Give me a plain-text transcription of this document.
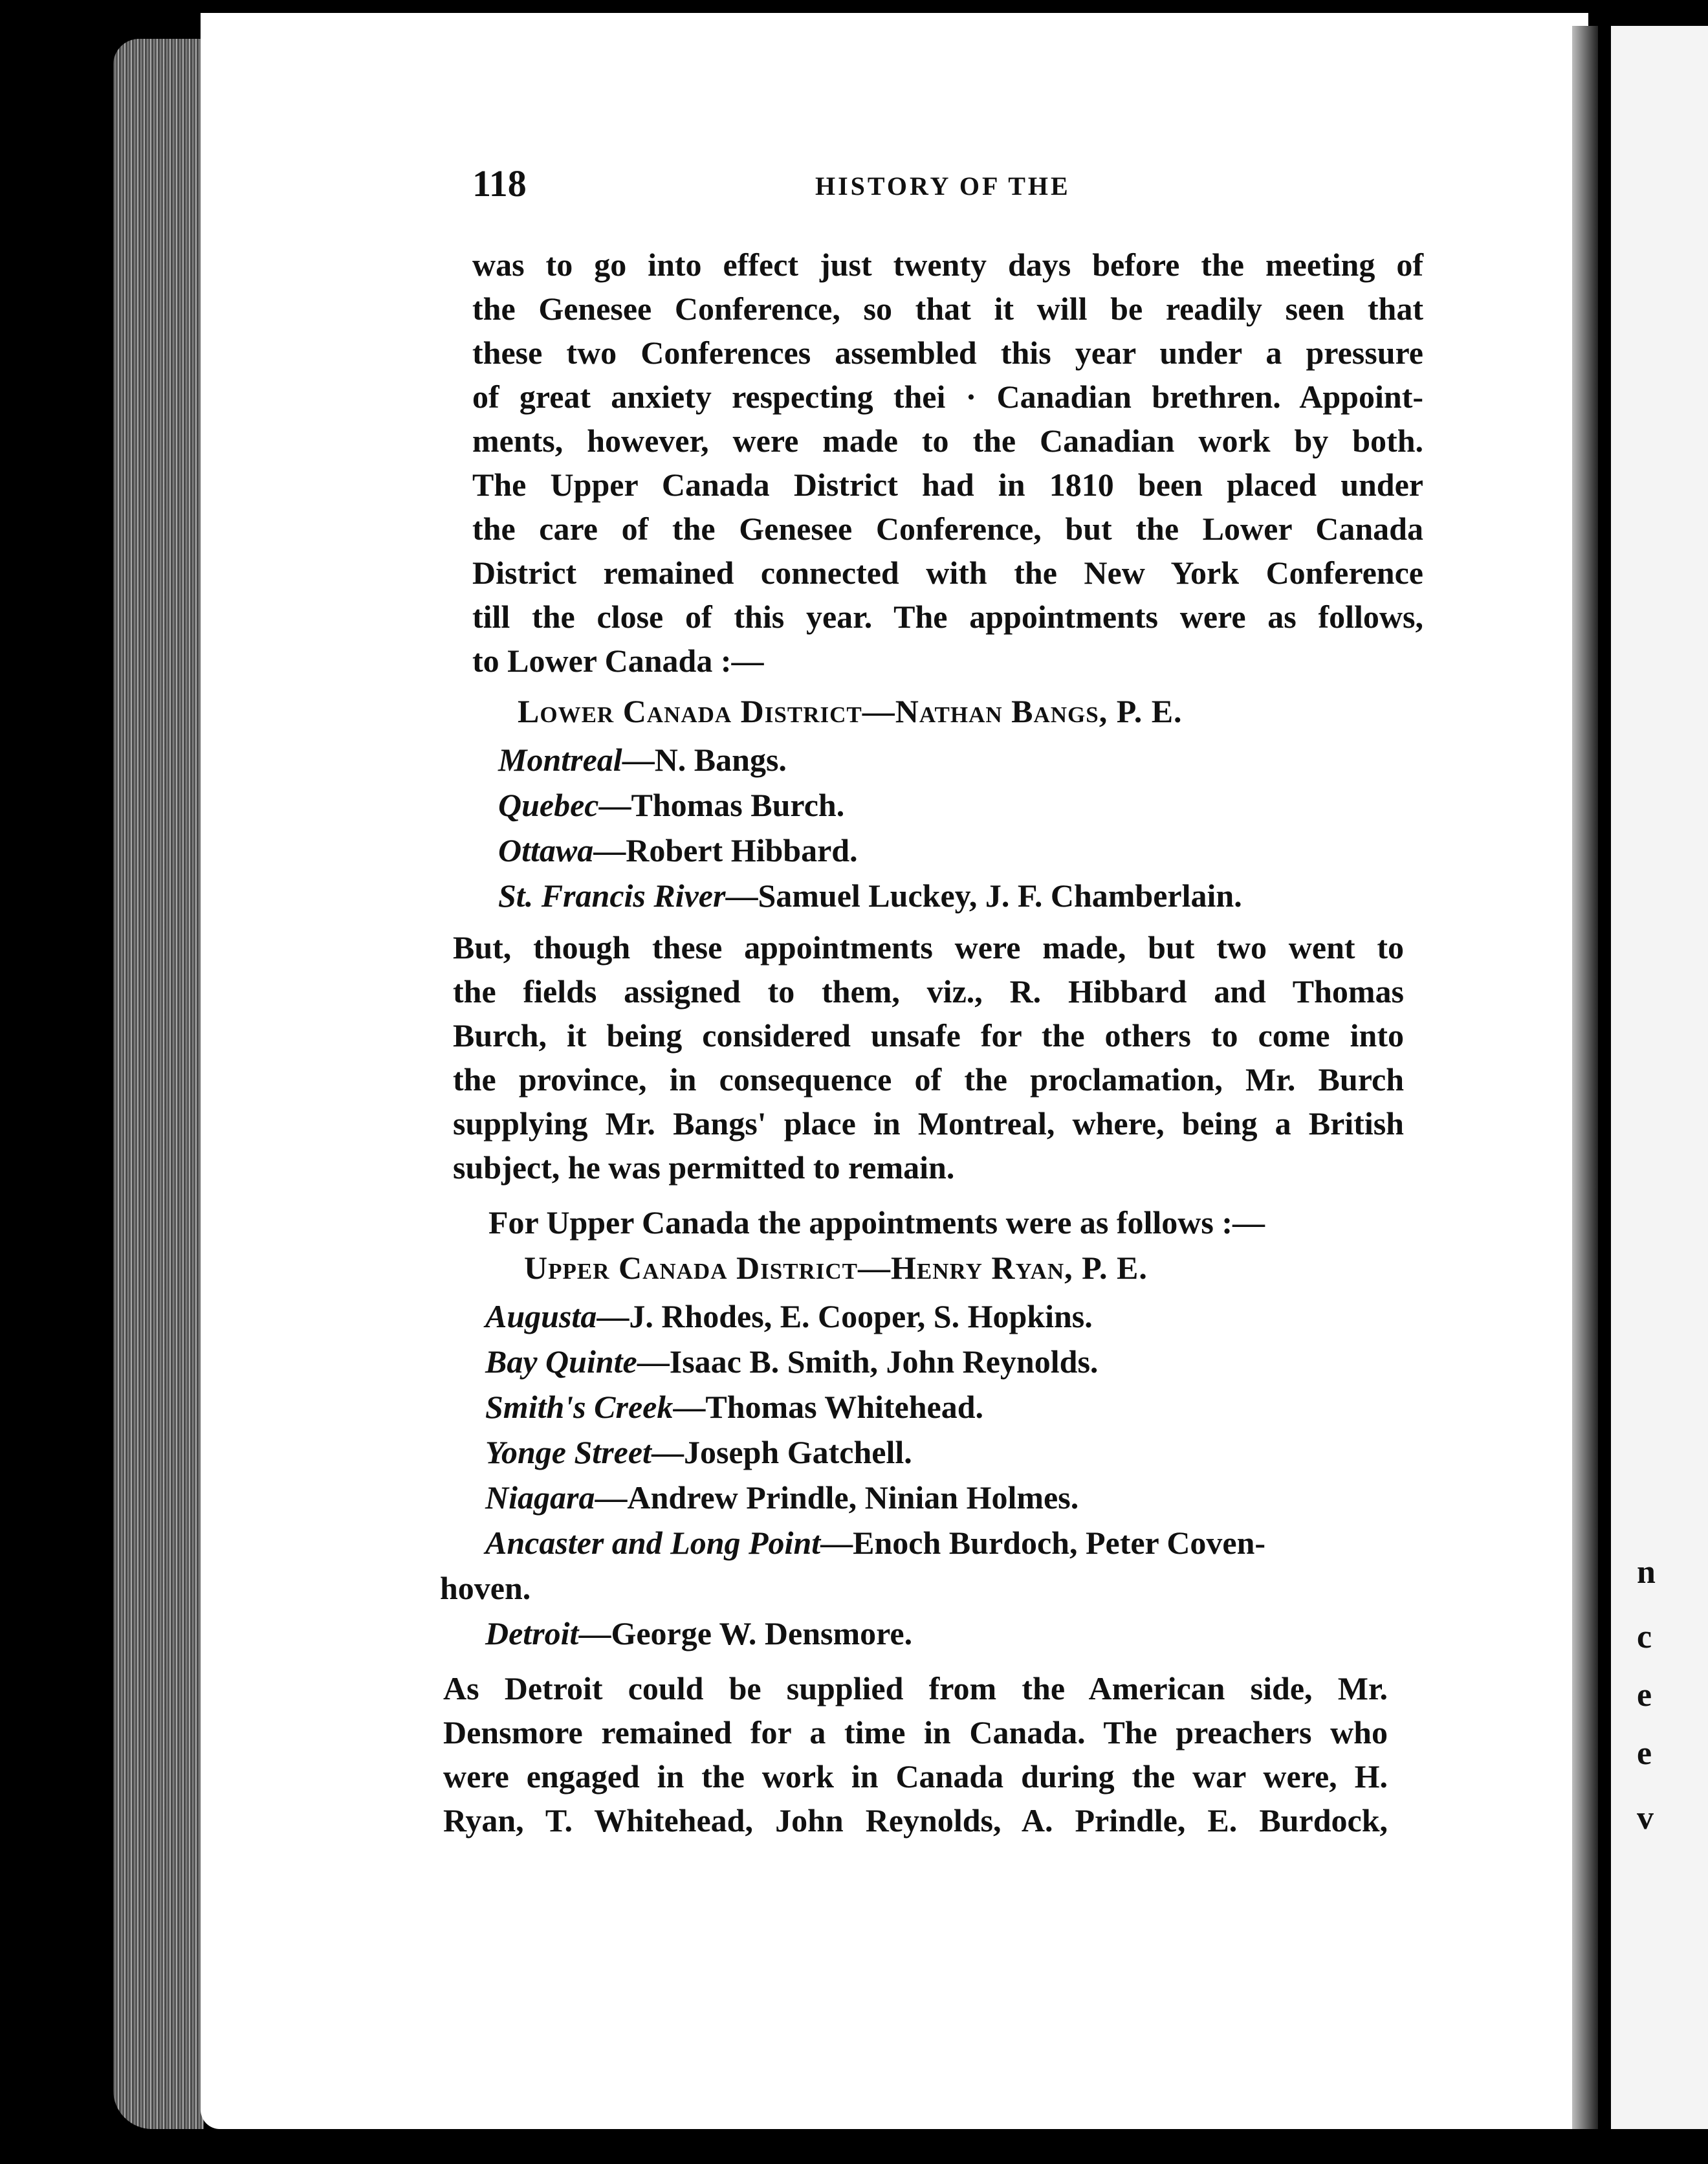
n
c
e
e
v
118	HISTORY OF THE
was to go into effect just twenty days before the meeting of
the Genesee Conference, so that it will be readily seen that
these two Conferences assembled this year under a pressure
of great anxiety respecting thei · Canadian brethren. Appoint-
ments, however, were made to the Canadian work by both.
The Upper Canada District had in 1810 been placed under
the care of the Genesee Conference, but the Lower Canada
District remained connected with the New York Conference
till the close of this year. The appointments were as follows,
to Lower Canada :—
Lower Canada District—Nathan Bangs, P. E.
Montreal—N. Bangs.
Quebec—Thomas Burch.
Ottawa—Robert Hibbard.
St. Francis River—Samuel Luckey, J. F. Chamberlain.
But, though these appointments were made, but two went to
the fields assigned to them, viz., R. Hibbard and Thomas
Burch, it being considered unsafe for the others to come into
the province, in consequence of the proclamation, Mr. Burch
supplying Mr. Bangs' place in Montreal, where, being a British
subject, he was permitted to remain.
For Upper Canada the appointments were as follows :—
Upper Canada District—Henry Ryan, P. E.
Augusta—J. Rhodes, E. Cooper, S. Hopkins.
Bay Quinte—Isaac B. Smith, John Reynolds.
Smith's Creek—Thomas Whitehead.
Yonge Street—Joseph Gatchell.
Niagara—Andrew Prindle, Ninian Holmes.
Ancaster and Long Point—Enoch Burdoch, Peter Coven-
hoven.
Detroit—George W. Densmore.
As Detroit could be supplied from the American side, Mr.
Densmore remained for a time in Canada. The preachers who
were engaged in the work in Canada during the war were, H.
Ryan, T. Whitehead, John Reynolds, A. Prindle, E. Burdock,
